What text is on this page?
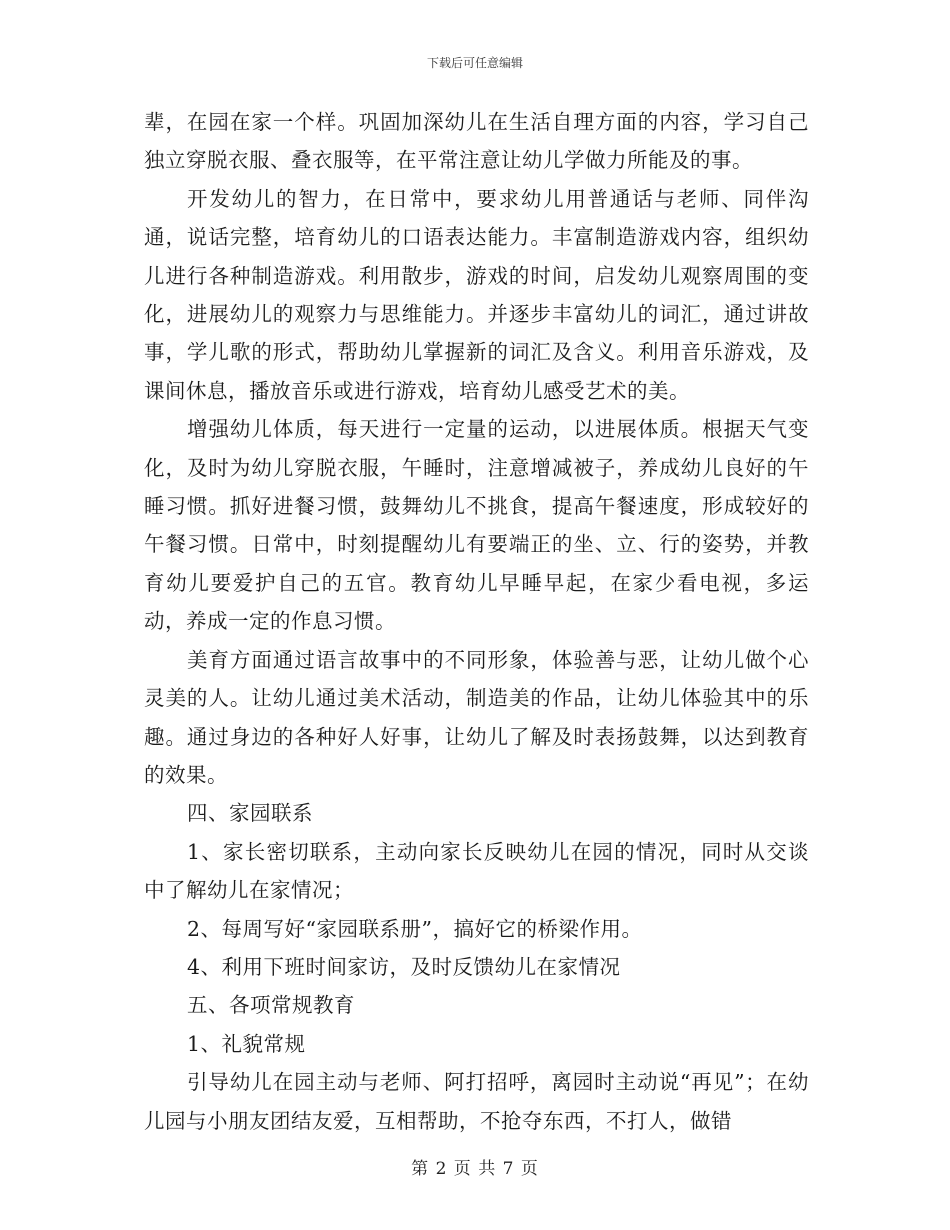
下载后可任意编辑

辈，在园在家一个样。巩固加深幼儿在生活自理方面的内容，学习自己独立穿脱衣服、叠衣服等，在平常注意让幼儿学做力所能及的事。

开发幼儿的智力，在日常中，要求幼儿用普通话与老师、同伴沟通，说话完整，培育幼儿的口语表达能力。丰富制造游戏内容，组织幼儿进行各种制造游戏。利用散步，游戏的时间，启发幼儿观察周围的变化，进展幼儿的观察力与思维能力。并逐步丰富幼儿的词汇，通过讲故事，学儿歌的形式，帮助幼儿掌握新的词汇及含义。利用音乐游戏，及课间休息，播放音乐或进行游戏，培育幼儿感受艺术的美。

增强幼儿体质，每天进行一定量的运动，以进展体质。根据天气变化，及时为幼儿穿脱衣服，午睡时，注意增减被子，养成幼儿良好的午睡习惯。抓好进餐习惯，鼓舞幼儿不挑食，提高午餐速度，形成较好的午餐习惯。日常中，时刻提醒幼儿有要端正的坐、立、行的姿势，并教育幼儿要爱护自己的五官。教育幼儿早睡早起，在家少看电视，多运动，养成一定的作息习惯。

美育方面通过语言故事中的不同形象，体验善与恶，让幼儿做个心灵美的人。让幼儿通过美术活动，制造美的作品，让幼儿体验其中的乐趣。通过身边的各种好人好事，让幼儿了解及时表扬鼓舞，以达到教育的效果。

四、家园联系

1、家长密切联系，主动向家长反映幼儿在园的情况，同时从交谈中了解幼儿在家情况；

2、每周写好“家园联系册”，搞好它的桥梁作用。

4、利用下班时间家访，及时反馈幼儿在家情况

五、各项常规教育

1、礼貌常规

引导幼儿在园主动与老师、阿打招呼，离园时主动说“再见”；在幼儿园与小朋友团结友爱，互相帮助，不抢夺东西，不打人，做错

第 2 页 共 7 页
